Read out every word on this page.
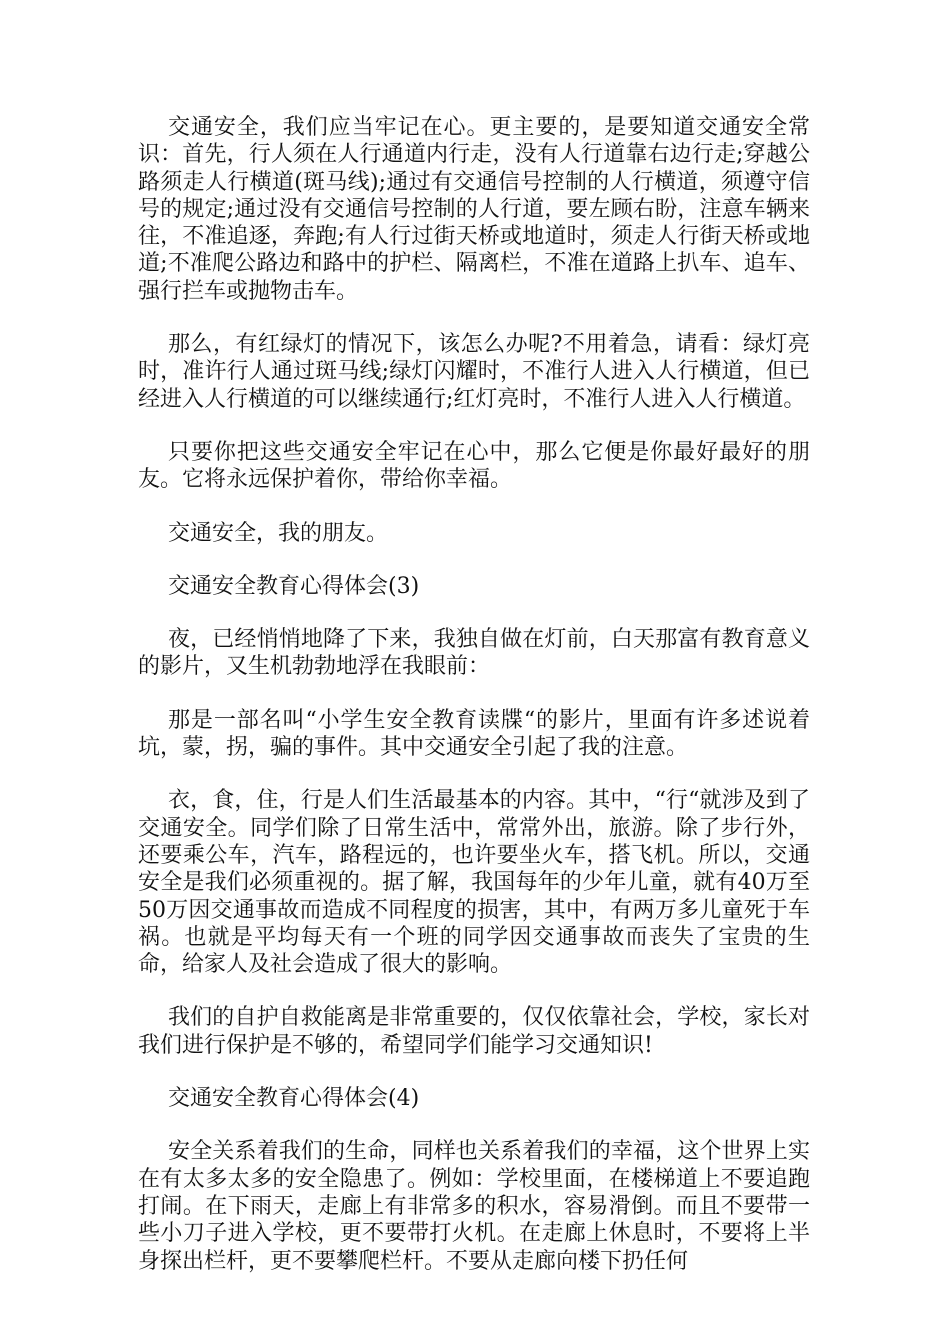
交通安全，我们应当牢记在心。更主要的，是要知道交通安全常识：首先，行人须在人行通道内行走，没有人行道靠右边行走;穿越公路须走人行横道(斑马线);通过有交通信号控制的人行横道，须遵守信号的规定;通过没有交通信号控制的人行道，要左顾右盼，注意车辆来往，不准追逐，奔跑;有人行过街天桥或地道时，须走人行街天桥或地道;不准爬公路边和路中的护栏、隔离栏，不准在道路上扒车、追车、强行拦车或抛物击车。

那么，有红绿灯的情况下，该怎么办呢?不用着急，请看：绿灯亮时，准许行人通过斑马线;绿灯闪耀时，不准行人进入人行横道，但已经进入人行横道的可以继续通行;红灯亮时，不准行人进入人行横道。

只要你把这些交通安全牢记在心中，那么它便是你最好最好的朋友。它将永远保护着你，带给你幸福。

交通安全，我的朋友。

交通安全教育心得体会(3)

夜，已经悄悄地降了下来，我独自做在灯前，白天那富有教育意义的影片，又生机勃勃地浮在我眼前：

那是一部名叫“小学生安全教育读牒“的影片，里面有许多述说着坑，蒙，拐，骗的事件。其中交通安全引起了我的注意。

衣，食，住，行是人们生活最基本的内容。其中，“行“就涉及到了交通安全。同学们除了日常生活中，常常外出，旅游。除了步行外，还要乘公车，汽车，路程远的，也许要坐火车，搭飞机。所以，交通安全是我们必须重视的。据了解，我国每年的少年儿童，就有40万至50万因交通事故而造成不同程度的损害，其中，有两万多儿童死于车祸。也就是平均每天有一个班的同学因交通事故而丧失了宝贵的生命，给家人及社会造成了很大的影响。

我们的自护自救能离是非常重要的，仅仅依靠社会，学校，家长对我们进行保护是不够的，希望同学们能学习交通知识!

交通安全教育心得体会(4)

安全关系着我们的生命，同样也关系着我们的幸福，这个世界上实在有太多太多的安全隐患了。例如：学校里面，在楼梯道上不要追跑打闹。在下雨天，走廊上有非常多的积水，容易滑倒。而且不要带一些小刀子进入学校，更不要带打火机。在走廊上休息时，不要将上半身探出栏杆，更不要攀爬栏杆。不要从走廊向楼下扔任何
